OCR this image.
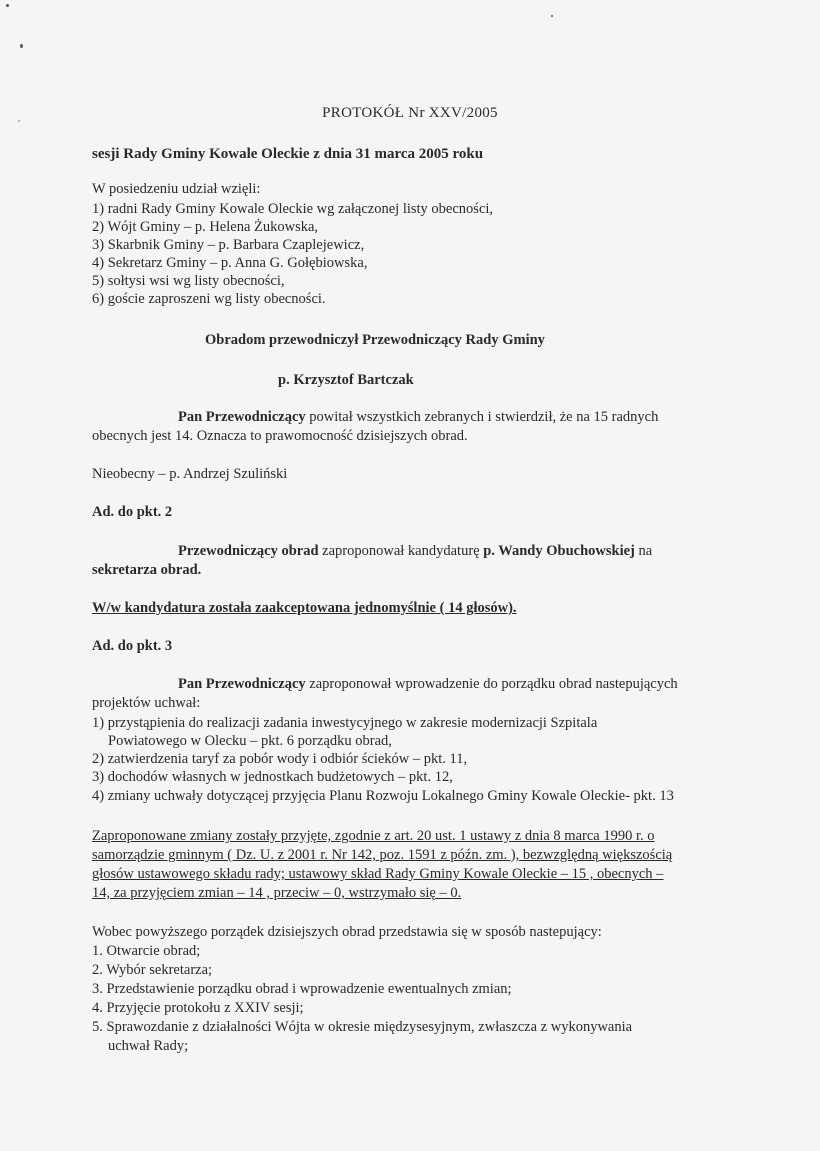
PROTOKÓŁ Nr XXV/2005
sesji Rady Gminy Kowale Oleckie z dnia 31 marca 2005 roku
W posiedzeniu udział wzięli:
1) radni Rady Gminy Kowale Oleckie wg załączonej listy obecności,
2) Wójt Gminy – p. Helena Żukowska,
3) Skarbnik Gminy – p. Barbara Czaplejewicz,
4) Sekretarz Gminy – p. Anna G. Gołębiowska,
5) sołtysi wsi wg listy obecności,
6) goście zaproszeni wg listy obecności.
Obradom przewodniczył Przewodniczący Rady Gminy
p. Krzysztof Bartczak
Pan Przewodniczący powitał wszystkich zebranych i stwierdził, że na 15 radnych
obecnych jest 14. Oznacza to prawomocność dzisiejszych obrad.
Nieobecny – p. Andrzej Szuliński
Ad. do pkt. 2
Przewodniczący obrad zaproponował kandydaturę p. Wandy Obuchowskiej na
sekretarza obrad.
W/w kandydatura została zaakceptowana jednomyślnie ( 14 głosów).
Ad. do pkt. 3
Pan Przewodniczący zaproponował wprowadzenie do porządku obrad nastepujących
projektów uchwał:
1) przystąpienia do realizacji zadania inwestycyjnego w zakresie modernizacji Szpitala
Powiatowego w Olecku – pkt. 6 porządku obrad,
2) zatwierdzenia taryf za pobór wody i odbiór ścieków – pkt. 11,
3) dochodów własnych w jednostkach budżetowych – pkt. 12,
4) zmiany uchwały dotyczącej przyjęcia Planu Rozwoju Lokalnego Gminy Kowale Oleckie- pkt. 13
Zaproponowane zmiany zostały przyjęte, zgodnie z art. 20 ust. 1 ustawy z dnia 8 marca 1990 r. o
samorządzie gminnym ( Dz. U. z 2001 r. Nr 142, poz. 1591 z późn. zm. ), bezwzględną większością
głosów ustawowego składu rady; ustawowy skład Rady Gminy Kowale Oleckie – 15 , obecnych –
14, za przyjęciem zmian – 14 , przeciw – 0, wstrzymało się – 0.
Wobec powyższego porządek dzisiejszych obrad przedstawia się w sposób nastepujący:
1. Otwarcie obrad;
2. Wybór sekretarza;
3. Przedstawienie porządku obrad i wprowadzenie ewentualnych zmian;
4. Przyjęcie protokołu z XXIV sesji;
5. Sprawozdanie z działalności Wójta w okresie międzysesyjnym, zwłaszcza z wykonywania
uchwał Rady;
